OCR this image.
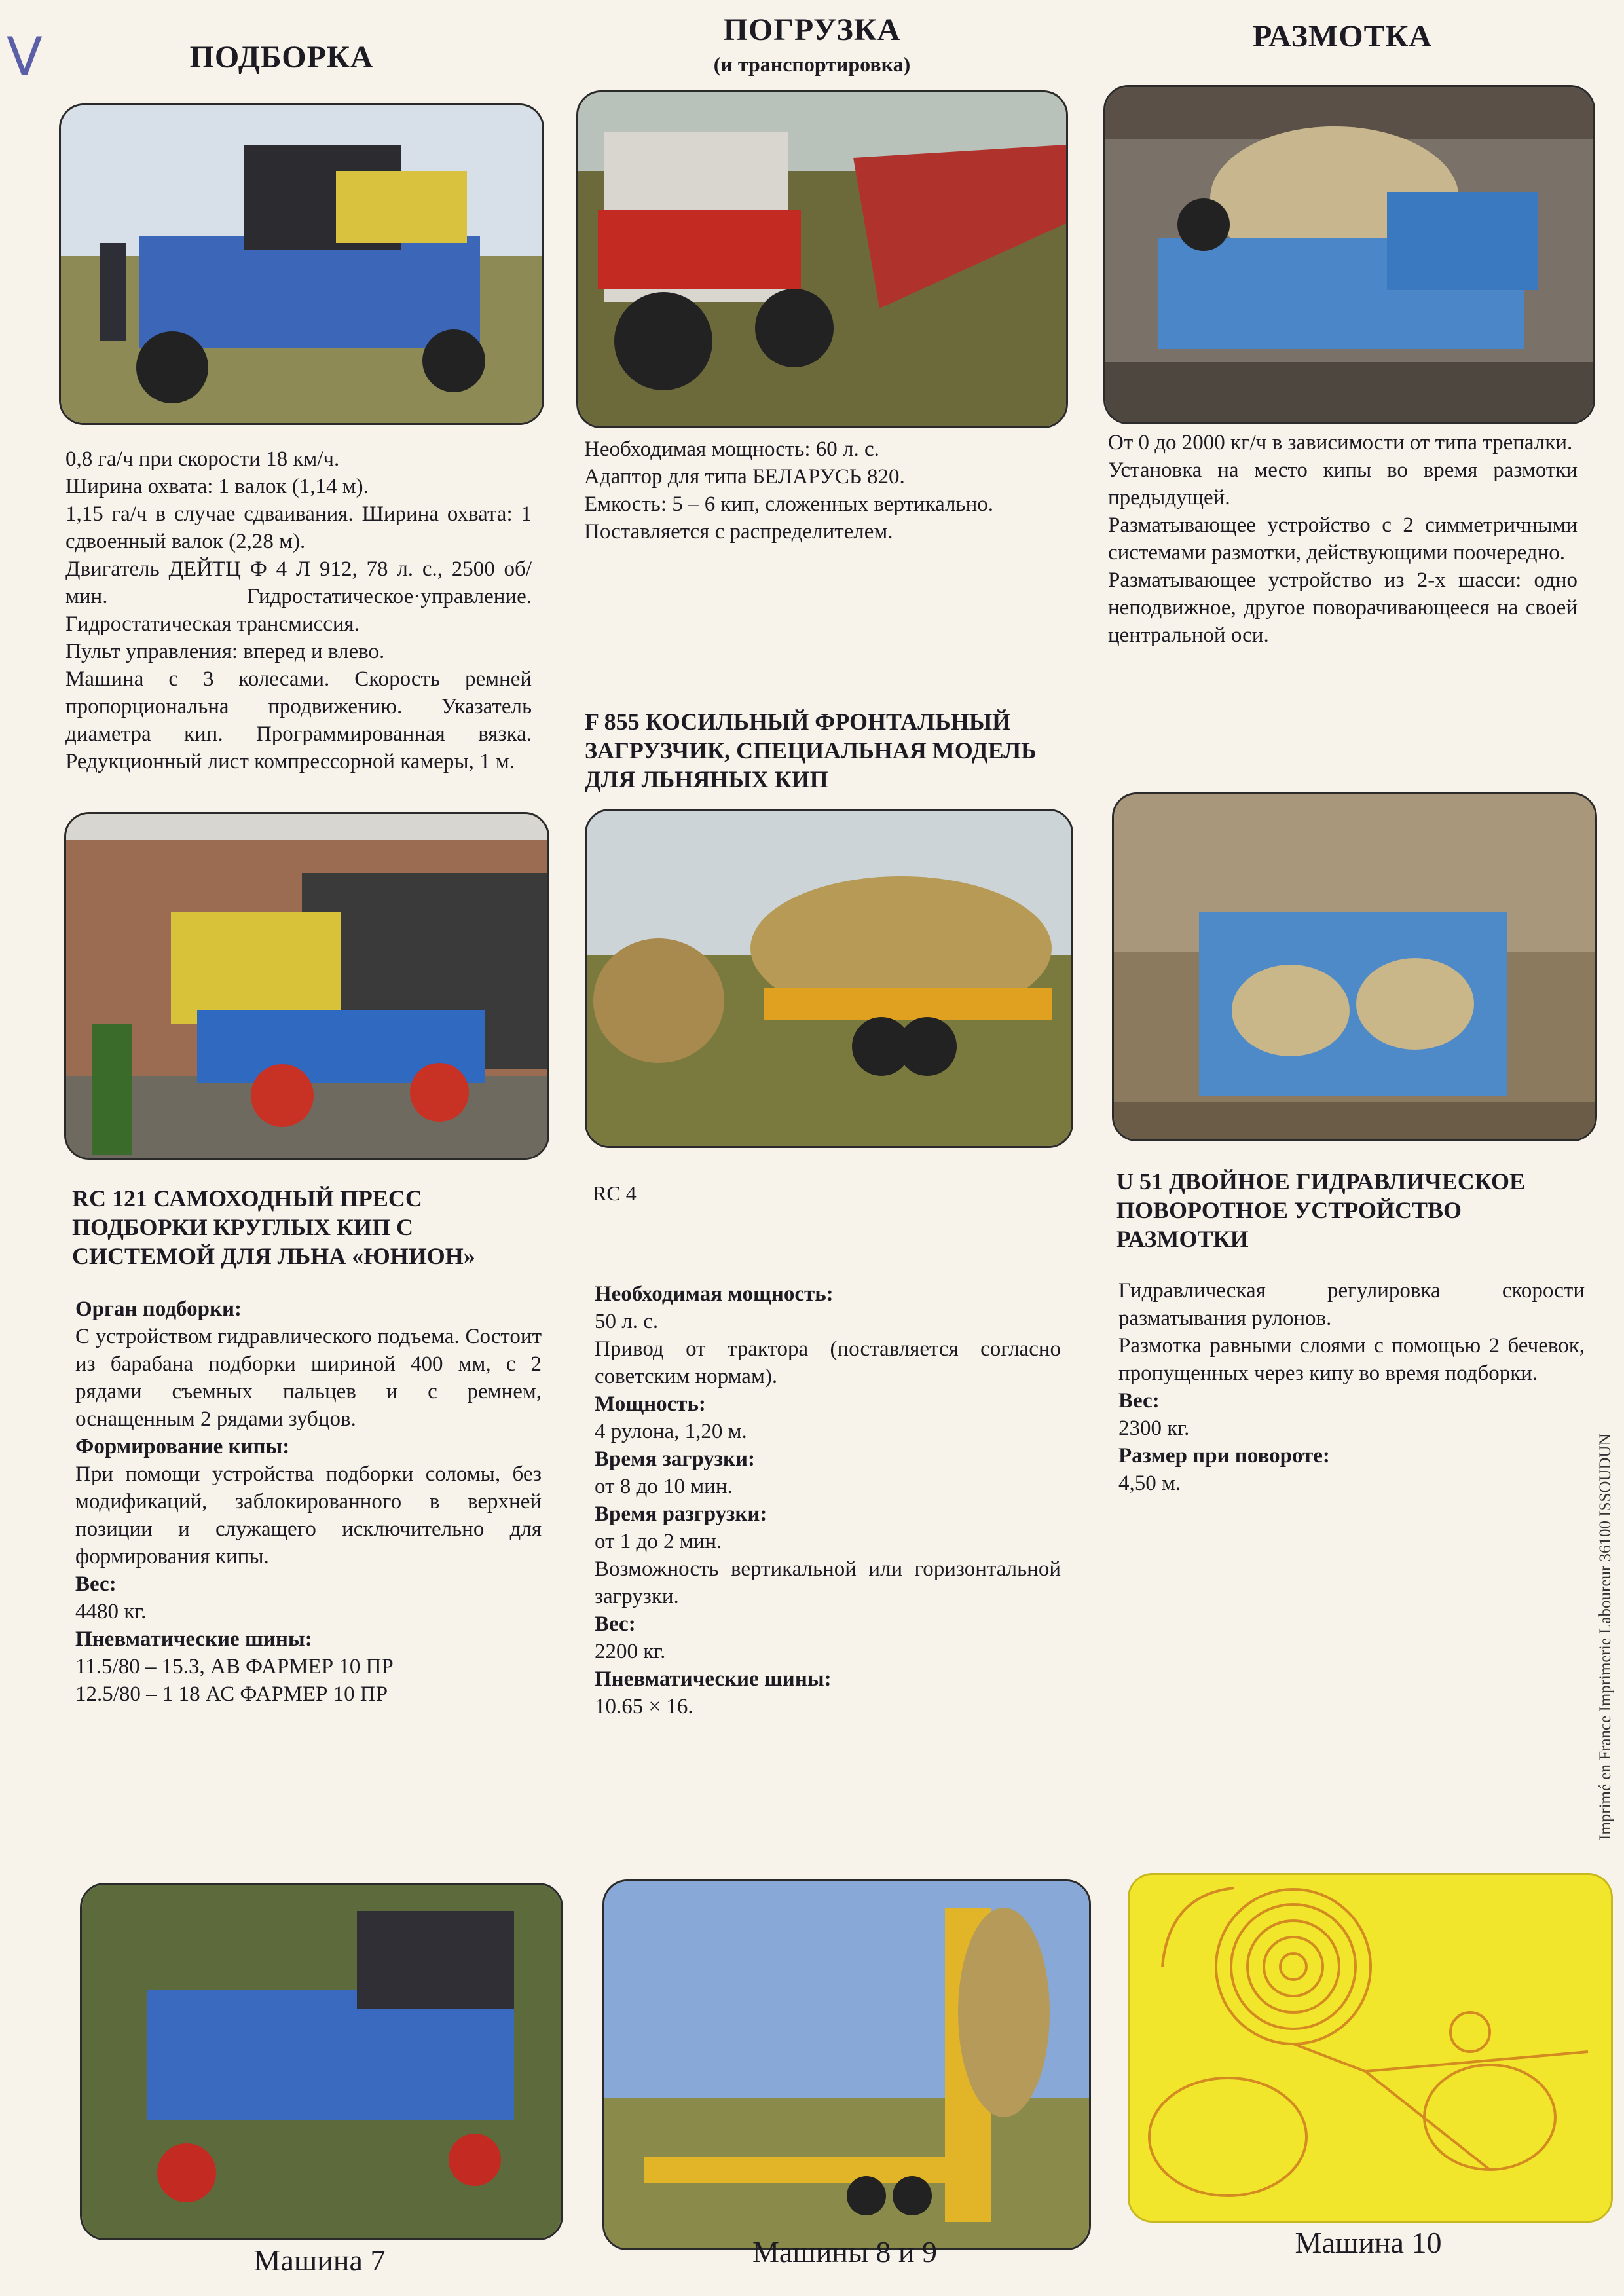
V	ПОДБОРКА
ПОГРУЗКА
(и транспортировка)
РАЗМОТКА

0,8 га/ч при скорости 18 км/ч.

Ширина охвата: 1 валок (1,14 м).

1,15 га/ч в случае сдваивания. Ширина охвата: 1 сдвоенный валок (2,28 м).

Двигатель ДЕЙТЦ Ф 4 Л 912, 78 л. с., 2500 об/мин. Гидростатическое·управление. Гидростатическая трансмиссия.

Пульт управления: вперед и влево.

Машина с 3 колесами. Скорость ремней пропорциональна продвижению. Указатель диаметра кип. Программированная вязка. Редукционный лист компрессорной камеры, 1 м.

RC 121 САМОХОДНЫЙ ПРЕСС ПОДБОРКИ КРУГЛЫХ КИП С СИСТЕМОЙ ДЛЯ ЛЬНА «ЮНИОН»
Орган подборки:
С устройством гидравлического подъема. Состоит из барабана подборки шириной 400 мм, с 2 рядами съемных пальцев и с ремнем, оснащенным 2 рядами зубцов.
Формирование кипы:
При помощи устройства подборки соломы, без модификаций, заблокированного в верхней позиции и служащего исключительно для формирования кипы.
Вес:
4480 кг.
Пневматические шины:
11.5/80 – 15.3, АВ ФАРМЕР 10 ПР
12.5/80 – 1 18 АС ФАРМЕР 10 ПР

Необходимая мощность: 60 л. с.

Адаптор для типа БЕЛАРУСЬ 820.

Емкость: 5 – 6 кип, сложенных вертикально.

Поставляется с распределителем.

F 855 КОСИЛЬНЫЙ ФРОНТАЛЬНЫЙ ЗАГРУЗЧИК, СПЕЦИАЛЬНАЯ МОДЕЛЬ ДЛЯ ЛЬНЯНЫХ КИП
RC 4
Необходимая мощность:
50 л. с.
Привод от трактора (поставляется согласно советским нормам).
Мощность:
4 рулона, 1,20 м.
Время загрузки:
от 8 до 10 мин.
Время разгрузки:
от 1 до 2 мин.
Возможность вертикальной или горизонтальной загрузки.
Вес:
2200 кг.
Пневматические шины:
10.65 × 16.

От 0 до 2000 кг/ч в зависимости от типа трепалки.

Установка на место кипы во время размотки предыдущей.

Разматывающее устройство с 2 симметричными системами размотки, действующими поочередно.

Разматывающее устройство из 2-х шасси: одно неподвижное, другое поворачивающееся на своей центральной оси.

U 51 ДВОЙНОЕ ГИДРАВЛИЧЕСКОЕ ПОВОРОТНОЕ УСТРОЙСТВО РАЗМОТКИ
Гидравлическая регулировка скорости разматывания рулонов.
Размотка равными слоями с помощью 2 бечевок, пропущенных через кипу во время подборки.
Вес:
2300 кг.
Размер при повороте:
4,50 м.	Imprimé en France Imprimerie Laboureur 36100 ISSOUDUN
Машина 7	Машины 8 и 9	Машина 10
